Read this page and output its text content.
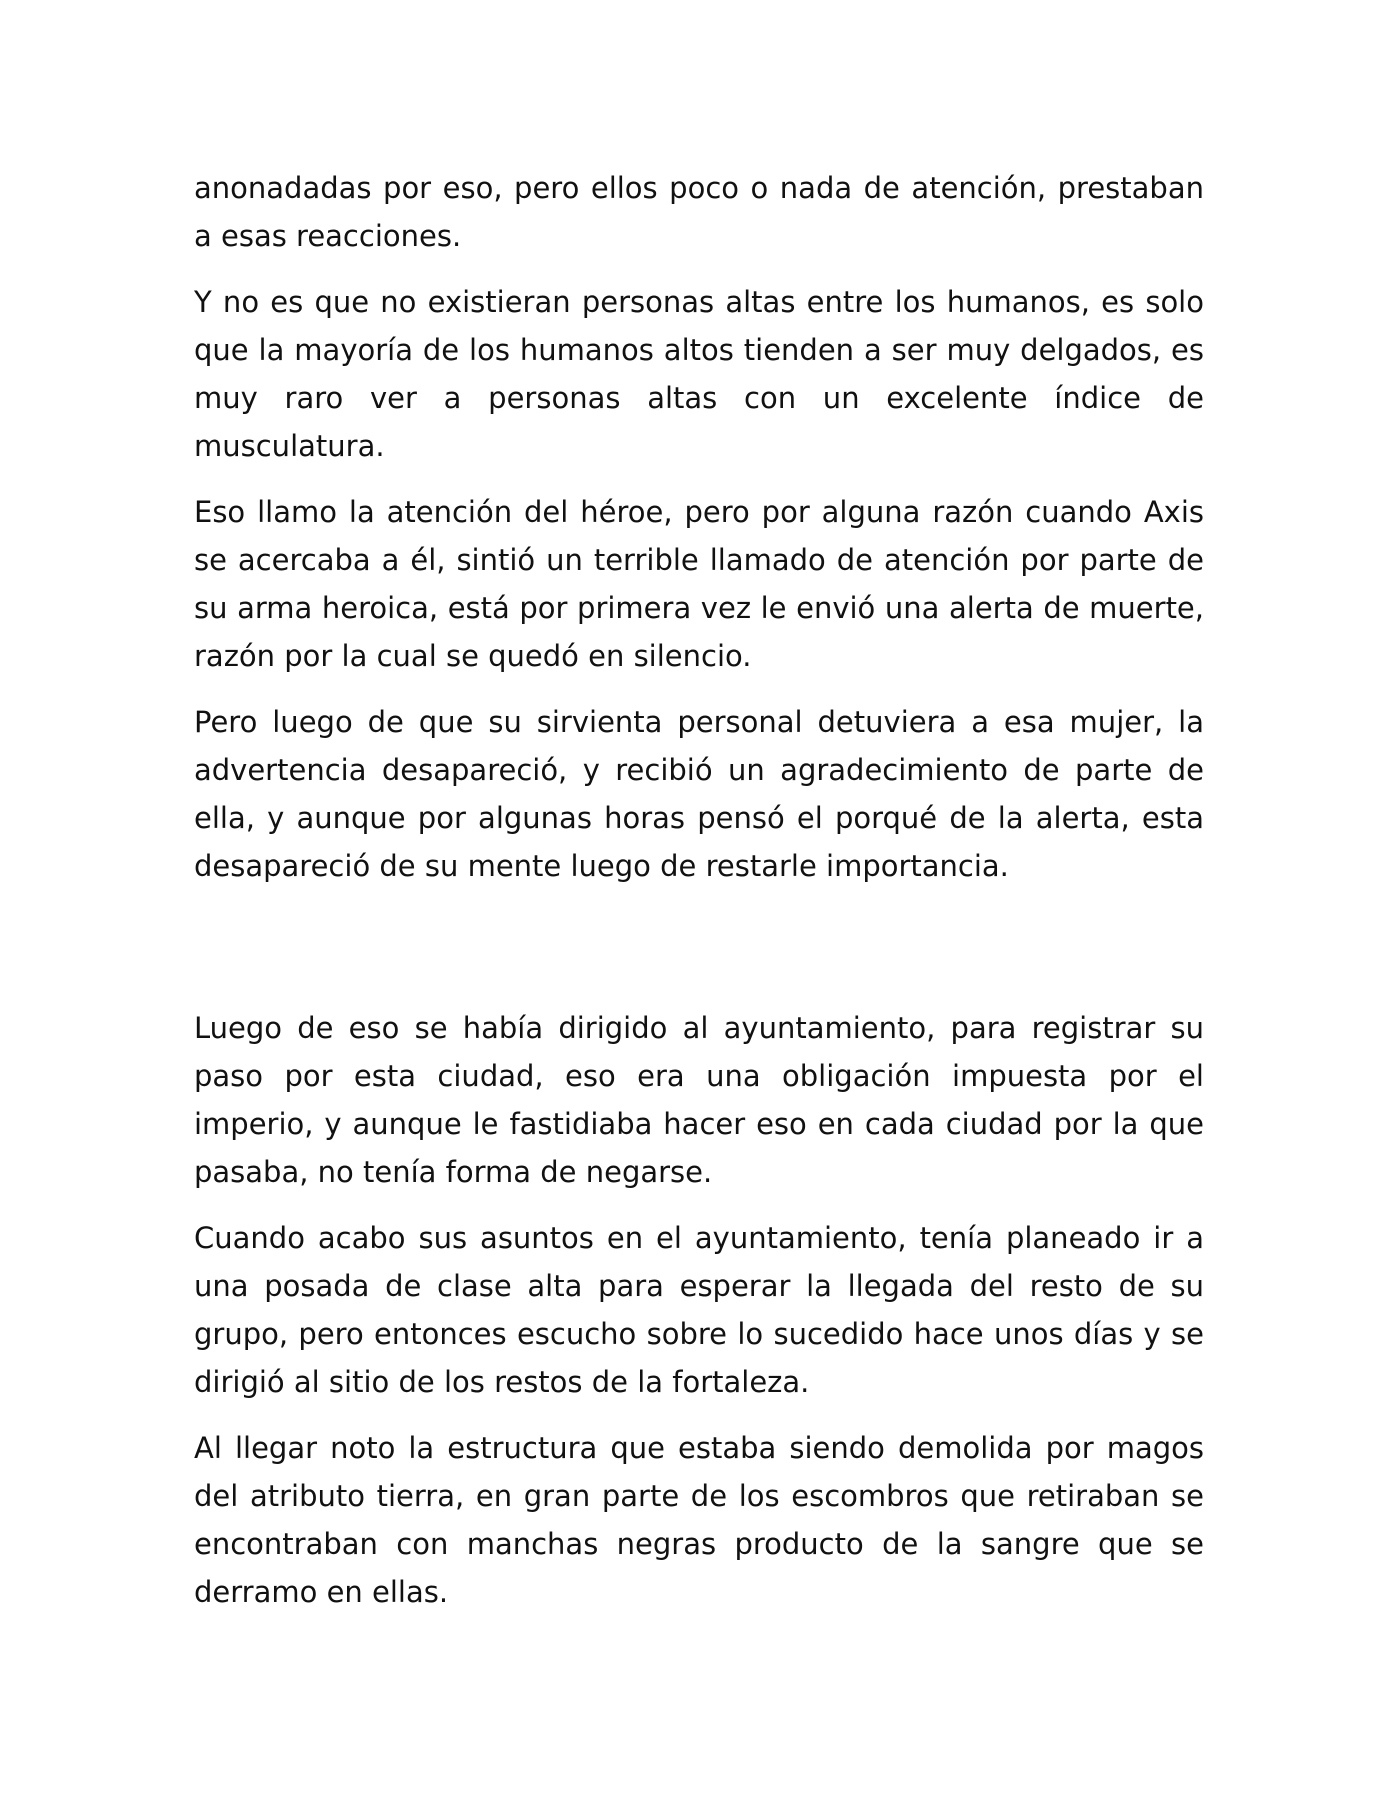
anonadadas por eso, pero ellos poco o nada de atención, prestaban a esas reacciones.

Y no es que no existieran personas altas entre los humanos, es solo que la mayoría de los humanos altos tienden a ser muy delgados, es muy raro ver a personas altas con un excelente índice de musculatura.

Eso llamo la atención del héroe, pero por alguna razón cuando Axis se acercaba a él, sintió un terrible llamado de atención por parte de su arma heroica, está por primera vez le envió una alerta de muerte, razón por la cual se quedó en silencio.

Pero luego de que su sirvienta personal detuviera a esa mujer, la advertencia desapareció, y recibió un agradecimiento de parte de ella, y aunque por algunas horas pensó el porqué de la alerta, esta desapareció de su mente luego de restarle importancia.

Luego de eso se había dirigido al ayuntamiento, para registrar su paso por esta ciudad, eso era una obligación impuesta por el imperio, y aunque le fastidiaba hacer eso en cada ciudad por la que pasaba, no tenía forma de negarse.

Cuando acabo sus asuntos en el ayuntamiento, tenía planeado ir a una posada de clase alta para esperar la llegada del resto de su grupo, pero entonces escucho sobre lo sucedido hace unos días y se dirigió al sitio de los restos de la fortaleza.

Al llegar noto la estructura que estaba siendo demolida por magos del atributo tierra, en gran parte de los escombros que retiraban se encontraban con manchas negras producto de la sangre que se derramo en ellas.
